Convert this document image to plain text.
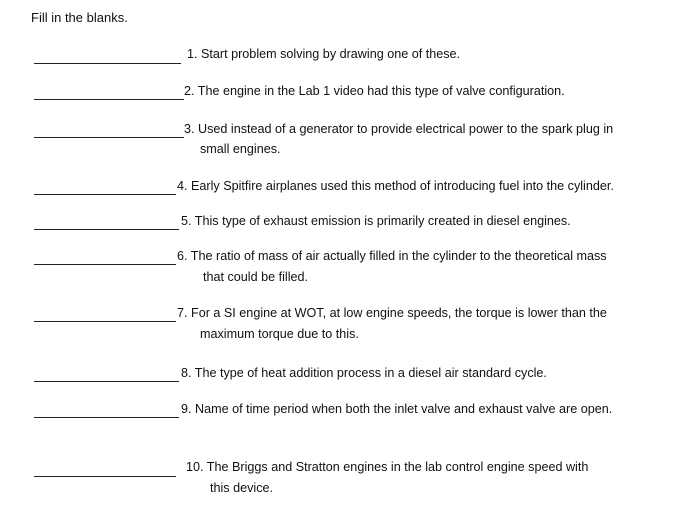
Fill in the blanks.
1. Start problem solving by drawing one of these.
2. The engine in the Lab 1 video had this type of valve configuration.
3. Used instead of a generator to provide electrical power to the spark plug in
small engines.
4. Early Spitfire airplanes used this method of introducing fuel into the cylinder.
5. This type of exhaust emission is primarily created in diesel engines.
6. The ratio of mass of air actually filled in the cylinder to the theoretical mass
that could be filled.
7. For a SI engine at WOT, at low engine speeds, the torque is lower than the
maximum torque due to this.
8. The type of heat addition process in a diesel air standard cycle.
9. Name of time period when both the inlet valve and exhaust valve are open.
10. The Briggs and Stratton engines in the lab control engine speed with
this device.
